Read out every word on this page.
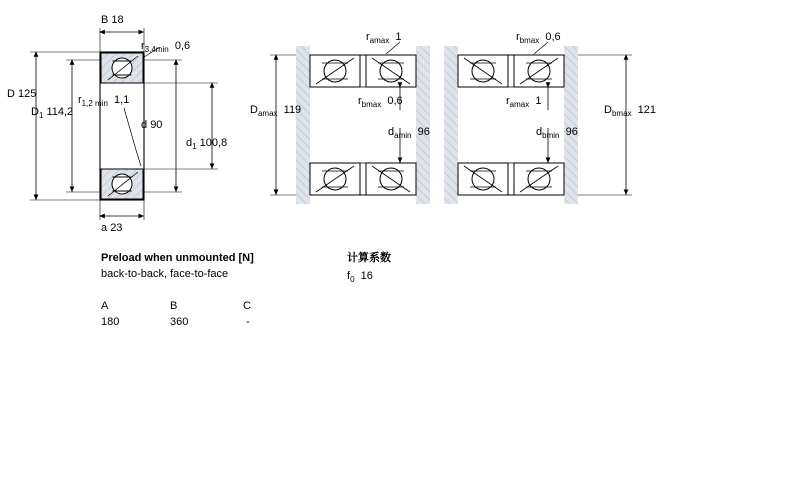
B 18
$r_{3,4min}$ 0,6
D 125
$D_1$ 114,2
$r_{1,2 min}$ 1,1
d 90
$d_1$ 100,8
a 23
$r_{amax}$ 1	$r_{bmax}$ 0,6
$D_{amax}$ 119
$r_{bmax}$ 0,6	$r_{amax}$ 1
$D_{bmax}$ 121
$d_{amin}$ 96	$d_{bmin}$ 96
Preload when unmounted [N]
back-to-back, face-to-face
A	B	C
180	360	-
计算系数
$f_0$ 16
